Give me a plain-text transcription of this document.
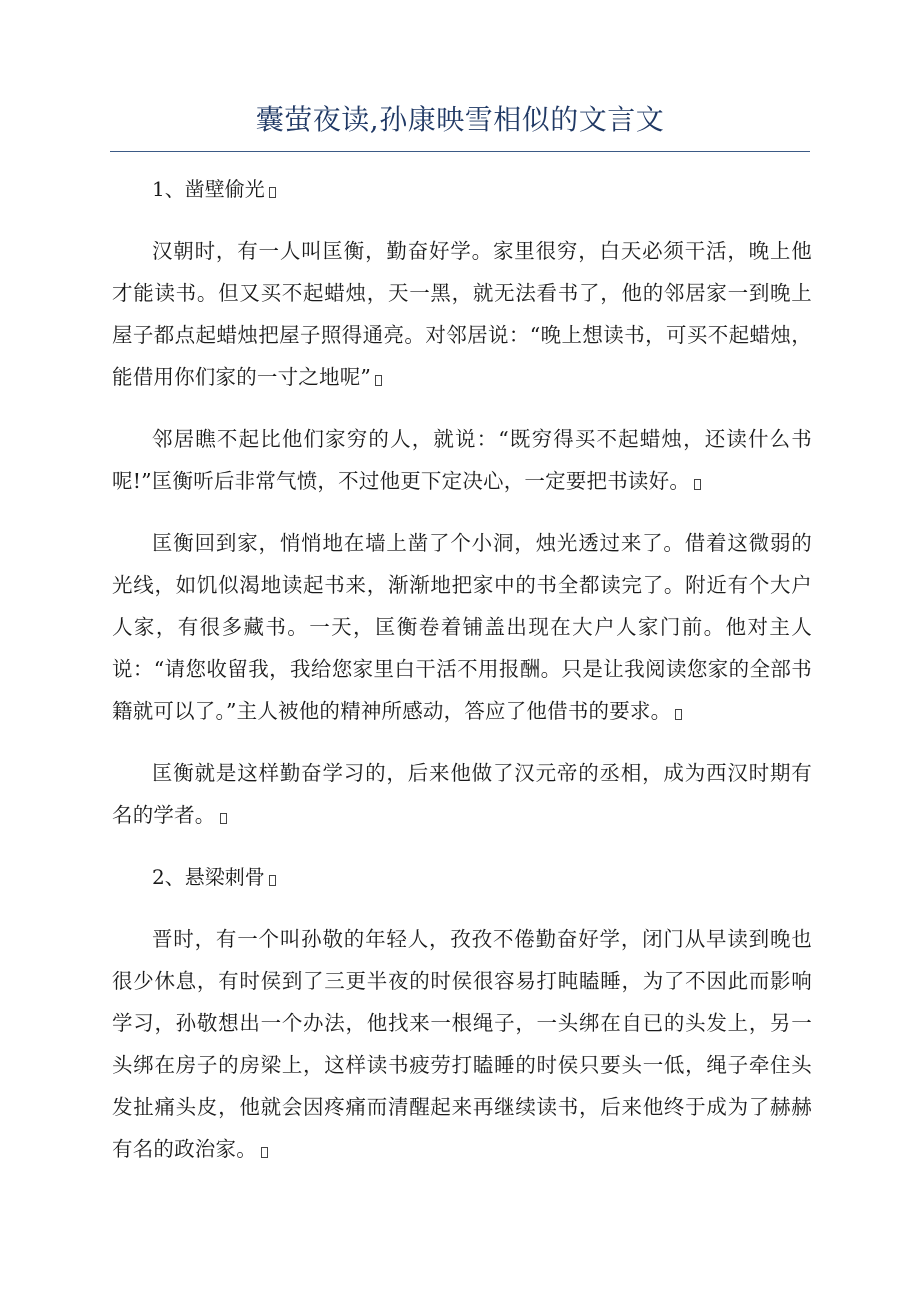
囊萤夜读,孙康映雪相似的文言文

1、凿壁偷光

汉朝时，有一人叫匡衡，勤奋好学。家里很穷，白天必须干活，晚上他才能读书。但又买不起蜡烛，天一黑，就无法看书了，他的邻居家一到晚上屋子都点起蜡烛把屋子照得通亮。对邻居说：“晚上想读书，可买不起蜡烛，能借用你们家的一寸之地呢”

邻居瞧不起比他们家穷的人，就说：“既穷得买不起蜡烛，还读什么书呢!”匡衡听后非常气愤，不过他更下定决心，一定要把书读好。

匡衡回到家，悄悄地在墙上凿了个小洞，烛光透过来了。借着这微弱的光线，如饥似渴地读起书来，渐渐地把家中的书全都读完了。附近有个大户人家，有很多藏书。一天，匡衡卷着铺盖出现在大户人家门前。他对主人说：“请您收留我，我给您家里白干活不用报酬。只是让我阅读您家的全部书籍就可以了。”主人被他的精神所感动，答应了他借书的要求。

匡衡就是这样勤奋学习的，后来他做了汉元帝的丞相，成为西汉时期有名的学者。

2、悬梁刺骨

晋时，有一个叫孙敬的年轻人，孜孜不倦勤奋好学，闭门从早读到晚也很少休息，有时侯到了三更半夜的时侯很容易打盹瞌睡，为了不因此而影响学习，孙敬想出一个办法，他找来一根绳子，一头绑在自已的头发上，另一头绑在房子的房梁上，这样读书疲劳打瞌睡的时侯只要头一低，绳子牵住头发扯痛头皮，他就会因疼痛而清醒起来再继续读书，后来他终于成为了赫赫有名的政治家。
